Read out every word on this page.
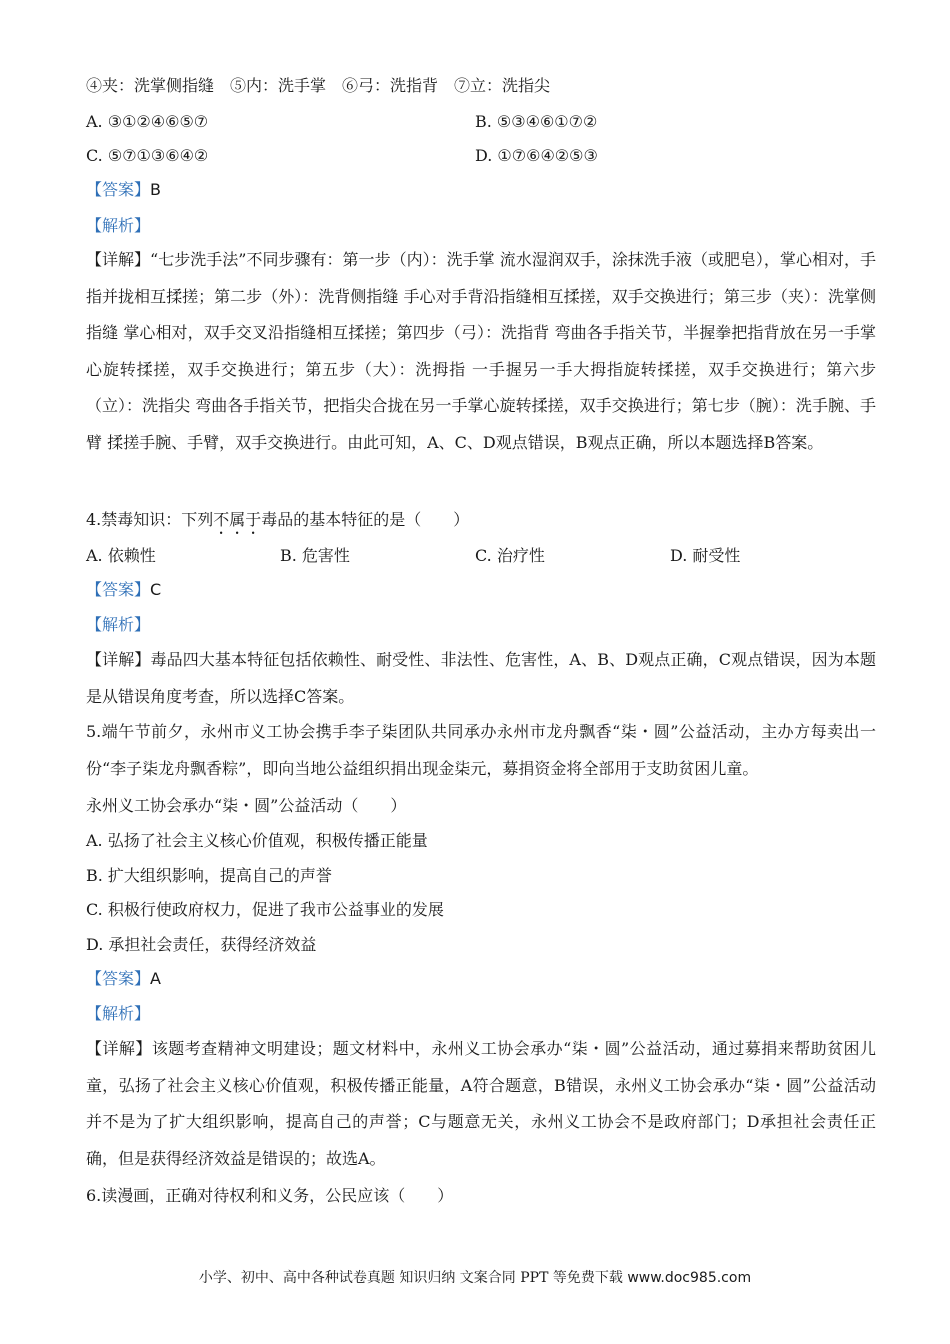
④夹：洗掌侧指缝　⑤内：洗手掌　⑥弓：洗指背　⑦立：洗指尖
A. ③①②④⑥⑤⑦	B. ⑤③④⑥①⑦②
C. ⑤⑦①③⑥④②	D. ①⑦⑥④②⑤③
【答案】B
【解析】
【详解】“七步洗手法”不同步骤有：第一步（内）：洗手掌 流水湿润双手，涂抹洗手液（或肥皂），掌心相对，手指并拢相互揉搓；第二步（外）：洗背侧指缝 手心对手背沿指缝相互揉搓，双手交换进行；第三步（夹）：洗掌侧指缝 掌心相对，双手交叉沿指缝相互揉搓；第四步（弓）：洗指背 弯曲各手指关节，半握拳把指背放在另一手掌心旋转揉搓，双手交换进行；第五步（大）：洗拇指 一手握另一手大拇指旋转揉搓，双手交换进行；第六步（立）：洗指尖 弯曲各手指关节，把指尖合拢在另一手掌心旋转揉搓，双手交换进行；第七步（腕）：洗手腕、手臂 揉搓手腕、手臂，双手交换进行。由此可知，A、C、D观点错误，B观点正确，所以本题选择B答案。
4.禁毒知识：下列不属于毒品的基本特征的是（　　）
A. 依赖性	B. 危害性	C. 治疗性	D. 耐受性
【答案】C
【解析】
【详解】毒品四大基本特征包括依赖性、耐受性、非法性、危害性，A、B、D观点正确，C观点错误，因为本题是从错误角度考查，所以选择C答案。
5.端午节前夕，永州市义工协会携手李子柒团队共同承办永州市龙舟飘香“柒・圆”公益活动，主办方每卖出一份“李子柒龙舟飘香粽”，即向当地公益组织捐出现金柒元，募捐资金将全部用于支助贫困儿童。
永州义工协会承办“柒・圆”公益活动（　　）
A. 弘扬了社会主义核心价值观，积极传播正能量
B. 扩大组织影响，提高自己的声誉
C. 积极行使政府权力，促进了我市公益事业的发展
D. 承担社会责任，获得经济效益
【答案】A
【解析】
【详解】该题考查精神文明建设；题文材料中，永州义工协会承办“柒・圆”公益活动，通过募捐来帮助贫困儿童，弘扬了社会主义核心价值观，积极传播正能量，A符合题意，B错误，永州义工协会承办“柒・圆”公益活动并不是为了扩大组织影响，提高自己的声誉；C与题意无关，永州义工协会不是政府部门；D承担社会责任正确，但是获得经济效益是错误的；故选A。
6.读漫画，正确对待权利和义务，公民应该（　　）
小学、初中、高中各种试卷真题 知识归纳 文案合同 PPT 等免费下载 www.doc985.com
